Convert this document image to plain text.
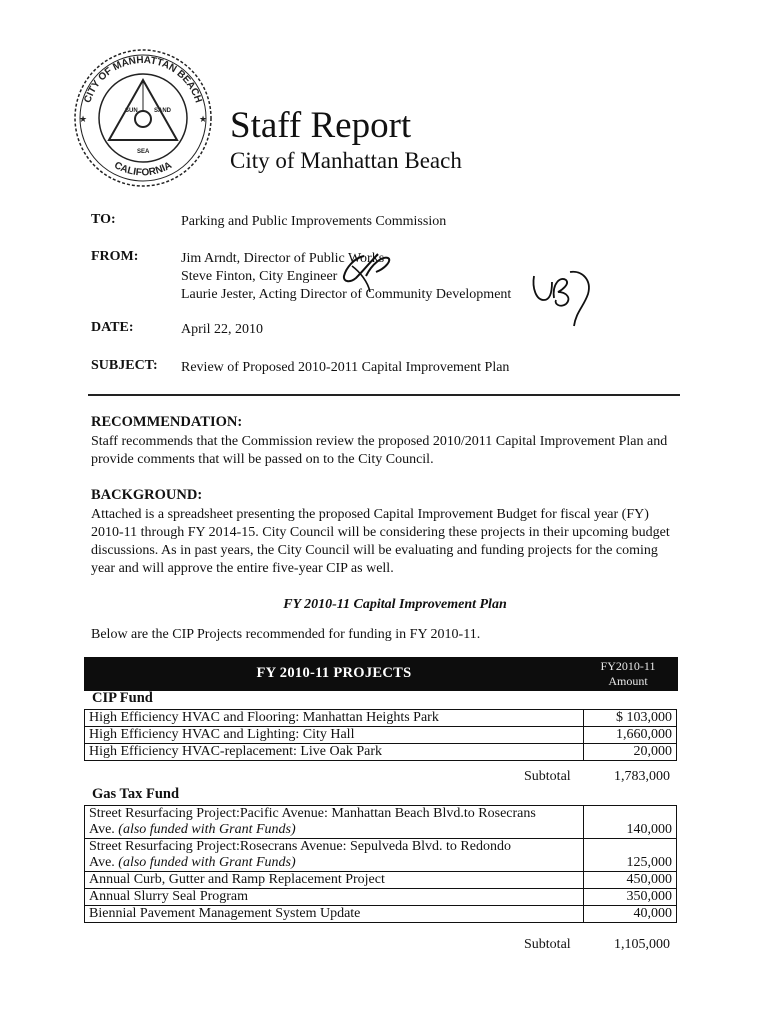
CITY OF MANHATTAN BEACH
CALIFORNIA
SUN	SAND
SEA
★	★ Staff Report
City of Manhattan Beach
TO:	Parking and Public Improvements Commission
FROM:	Jim Arndt, Director of Public Works
Steve Finton, City Engineer
Laurie Jester, Acting Director of Community Development
DATE:	April 22, 2010
SUBJECT: Review of Proposed 2010-2011 Capital Improvement Plan
RECOMMENDATION:
Staff recommends that the Commission review the proposed 2010/2011 Capital Improvement Plan and provide comments that will be passed on to the City Council.
BACKGROUND:
Attached is a spreadsheet presenting the proposed Capital Improvement Budget for fiscal year (FY) 2010-11 through FY 2014-15. City Council will be considering these projects in their upcoming budget discussions. As in past years, the City Council will be evaluating and funding projects for the coming year and will approve the entire five-year CIP as well.
FY 2010-11 Capital Improvement Plan
Below are the CIP Projects recommended for funding in FY 2010-11.
FY 2010-11 PROJECTS	FY2010-11
Amount
CIP Fund
High Efficiency HVAC and Flooring: Manhattan Heights Park	$ 103,000
High Efficiency HVAC and Lighting: City Hall	1,660,000
High Efficiency HVAC-replacement: Live Oak Park	20,000
Subtotal	1,783,000
Gas Tax Fund
Street Resurfacing Project:Pacific Avenue: Manhattan Beach Blvd.to Rosecrans
Ave. (also funded with Grant Funds)	140,000

Street Resurfacing Project:Rosecrans Avenue: Sepulveda Blvd. to Redondo
Ave. (also funded with Grant Funds)	125,000
Annual Curb, Gutter and Ramp Replacement Project	450,000
Annual Slurry Seal Program	350,000
Biennial Pavement Management System Update	40,000
Subtotal	1,105,000
